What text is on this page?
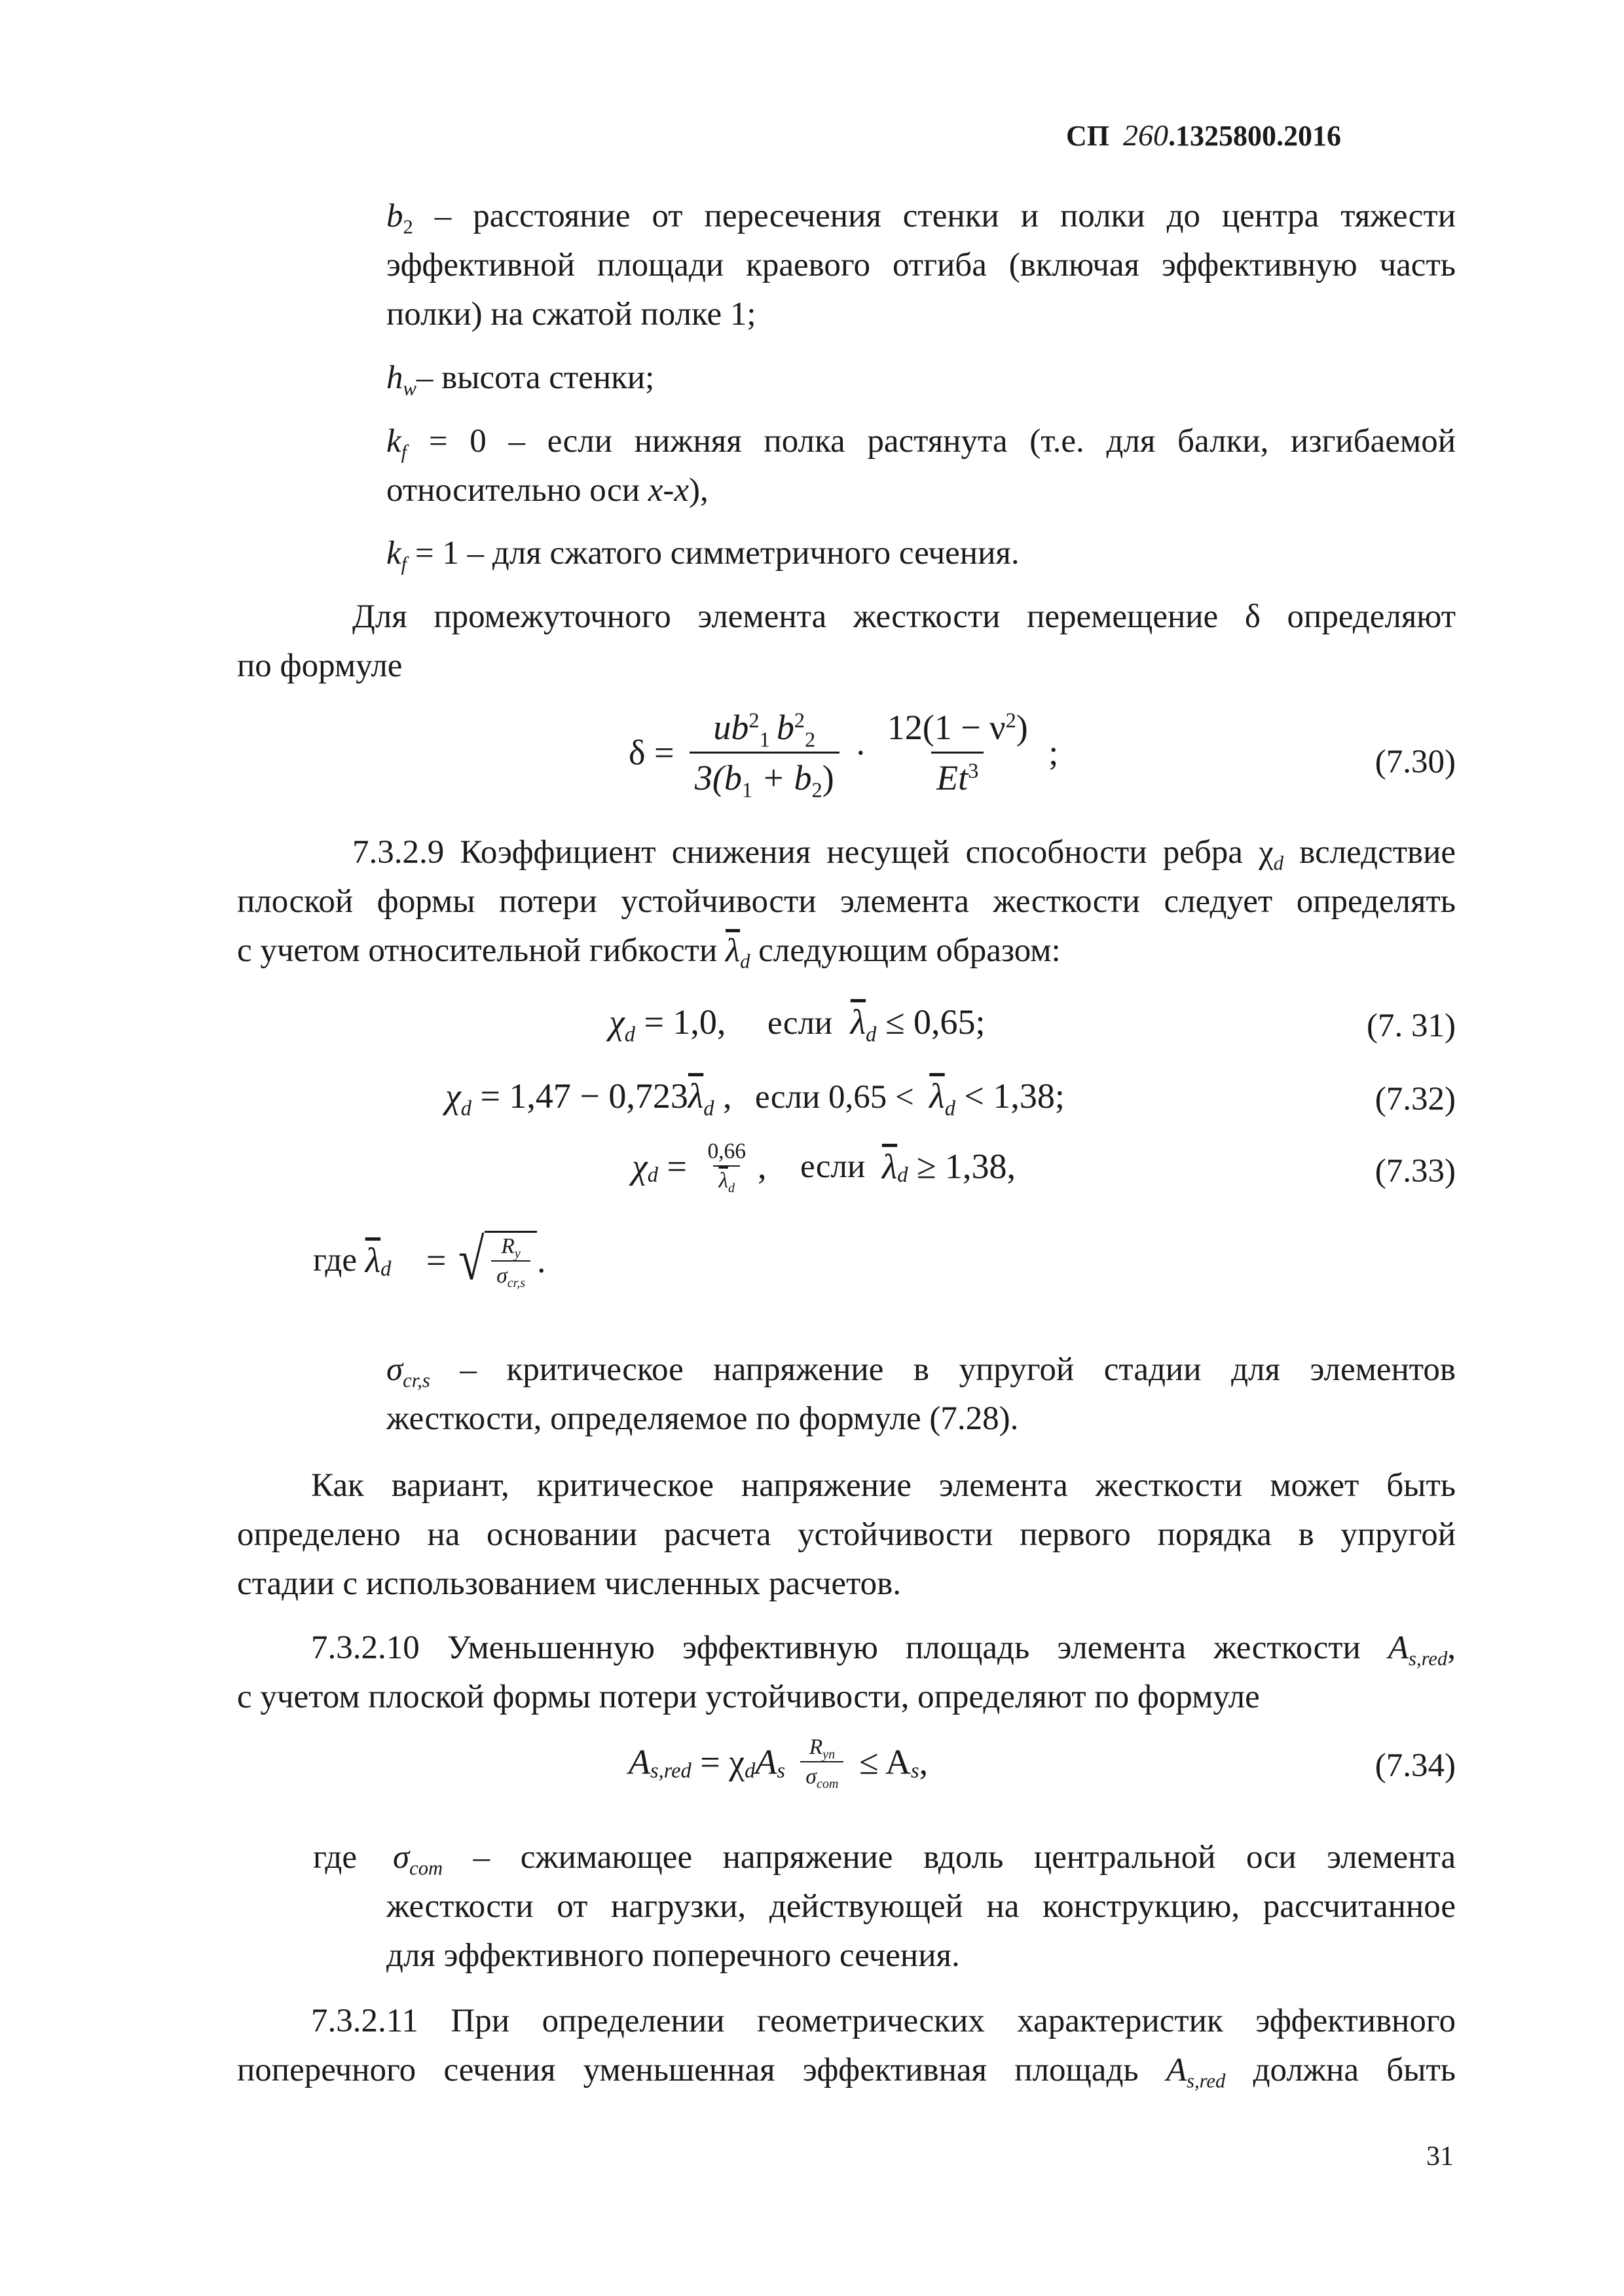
СП 260.1325800.2016
$b_2$ – расстояние от пересечения стенки и полки до центра тяжести
эффективной площади краевого отгиба (включая эффективную часть
полки) на сжатой полке 1;
$h_w-$ высота стенки;
$k_f = 0$ – если нижняя полка растянута (т.е. для балки, изгибаемой
относительно оси x-x),
$k_f = 1$ – для сжатого симметричного сечения.
Для промежуточного элемента жесткости перемещение δ определяют
по формуле
$\delta = \frac{ub^2_1 b^2_2}{3(b_1 + b_2)} \cdot \frac{12(1 - \nu^2)}{Et^3}$ ;	(7.30)
7.3.2.9 Коэффициент снижения несущей способности ребра $\chi_d$ вследствие
плоской формы потери устойчивости элемента жесткости следует определять
с учетом относительной гибкости $\overline{\lambda}_d$ следующим образом:
$\chi_d = 1,0$, если $\overline{\lambda}_d \le 0,65$;	(7. 31)
$\chi_d = 1,47 - 0,723\overline{\lambda}_d$ , если $0,65 < \overline{\lambda}_d < 1,38$;	(7.32)
$\chi_d = \frac{0,66}{\overline{\lambda}_d}$ , если $\overline{\lambda}_d \ge 1,38$,	(7.33)
где $\overline{\lambda}_d$ = √ $\frac{R_y}{\sigma_{cr,s}}$ .
$\sigma_{cr,s}$ – критическое напряжение в упругой стадии для элементов
жесткости, определяемое по формуле (7.28).
Как вариант, критическое напряжение элемента жесткости может быть
определено на основании расчета устойчивости первого порядка в упругой
стадии с использованием численных расчетов.
7.3.2.10 Уменьшенную эффективную площадь элемента жесткости $A_{s,red}$,
с учетом плоской формы потери устойчивости, определяют по формуле
$A_{s,red} = \chi_dA_s \frac{R_{yn}}{\sigma_{com}} \le A_s$,	(7.34)
где $\sigma_{com}$ – сжимающее напряжение вдоль центральной оси элемента
жесткости от нагрузки, действующей на конструкцию, рассчитанное
для эффективного поперечного сечения.
7.3.2.11 При определении геометрических характеристик эффективного
поперечного сечения уменьшенная эффективная площадь $A_{s,red}$ должна быть
31
